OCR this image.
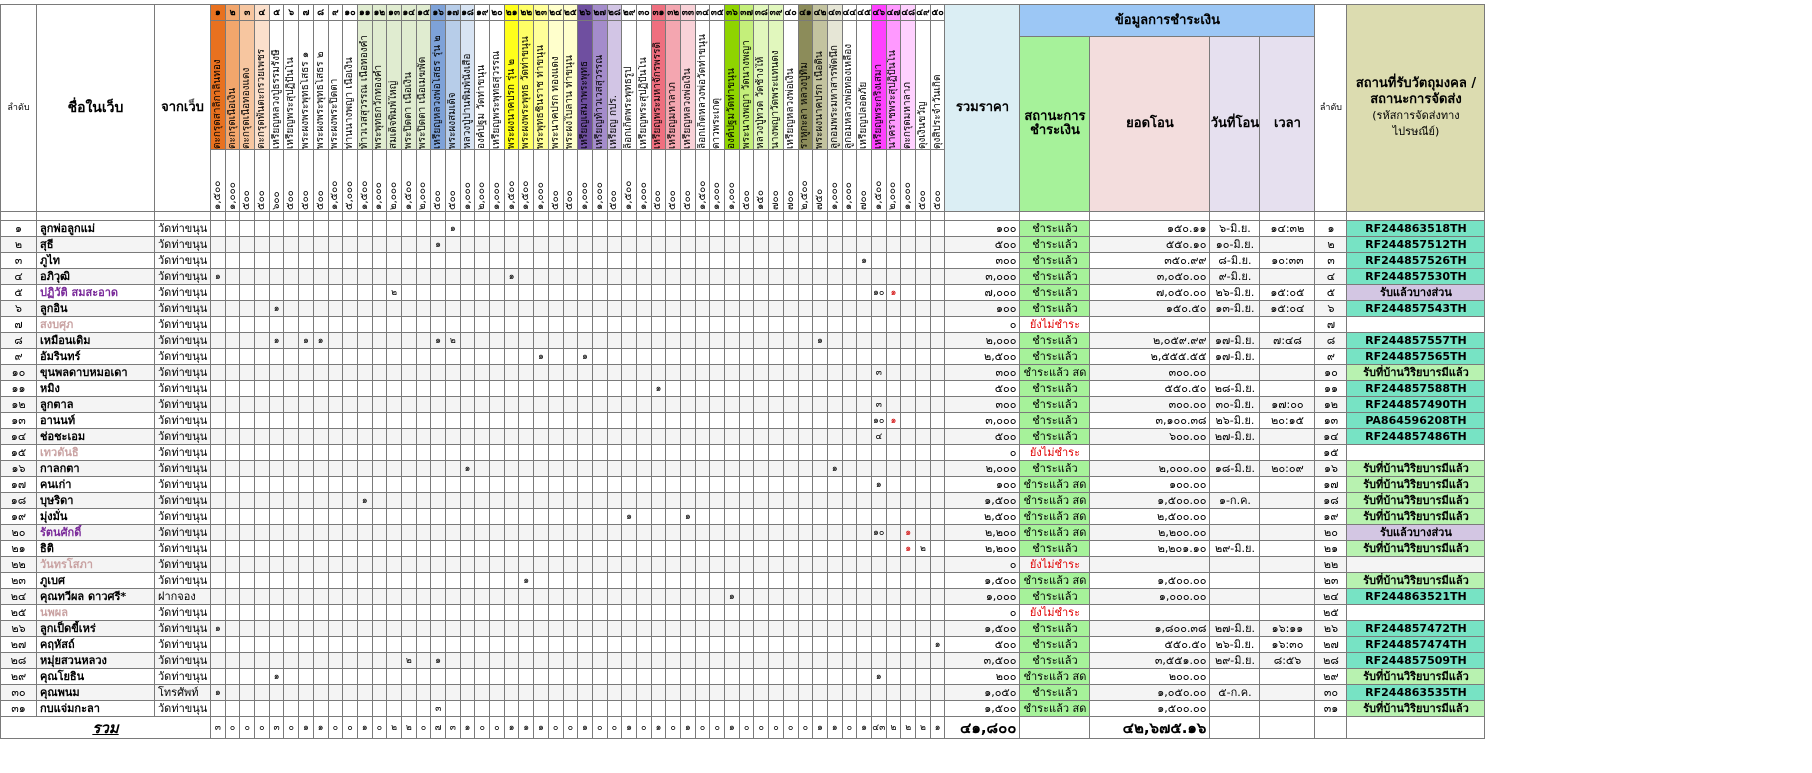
ลำดับ	ชื่อในเว็บ	จากเว็บ	๑	๒	๓	๔	๕	๖	๗	๘	๙	๑๐	๑๑	๑๒	๑๓	๑๔	๑๕	๑๖	๑๗	๑๘	๑๙	๒๐	๒๑	๒๒	๒๓	๒๔	๒๕	๒๖	๒๗	๒๘	๒๙	๓๐	๓๑	๓๒	๓๓	๓๔	๓๕	๓๖	๓๗	๓๘	๓๙	๔๐	๔๑	๔๒	๔๓	๔๔	๔๕	๔๖	๔๗	๔๘	๔๙	๕๐	รวมราคา	ข้อมูลการชำระเงิน				ลำดับ	สถานที่รับวัตถุมงคล / สถานะการจัดส่ง
(รหัสการจัดส่งทาง ไปรษณีย์)

			ตะกรุดสาลิกาลิ้นทอง	ตะกรุดเนื้อเงิน	ตะกรุดเนื้อทองแดง	ตะกรุดพันตะกรวยเพชร	เหรียญหลวงปู่ธรรมรังษี	เหรียญพระสุปฏิปันโน	พระผงพระพุทธโสธร ๑	พระผงพระพุทธโสธร ๒	พระผงพระปิดตา	ท่านนางพญา เนื้อเงิน	ท้าวเวสสุวรรณ เนื้อทองคำ	พระพุทธกวักทองคำ	สมเด็จพิมพ์ใหญ่	พระปิดตา เนื้อเงิน	พระปิดตา เนื้อเมฆพัด	เหรียญหลวงพ่อโสธร รุ่น ๒	พระผงสมเด็จ	หลวงปู่ปานพิมพ์นั่งเสือ	องค์ปฐม วัดท่าขนุน	เหรียญพระพุทธสุวรรณ	พระผงนาคปรก รุ่น ๒	พระผงพระพุทธ วัดท่าขนุน	พระพุทธชินราช ท่าขนุน	พระนาคปรก ทองแดง	พระผงใบลาน ท่าขนุน	เหรียญเสมาพระพุทธ	เหรียญท้าวเวสสุวรรณ	เหรียญ กปร.	ล็อกเก็ตพระพุทธรูป	เหรียญพระสุปฏิปันโน	เหรียญพระมหาจักรพรรดิ	เหรียญมหาลาภ	เหรียญหลวงพ่อเงิน	ล็อกเก็ตหลวงพ่อวัดท่าขนุน	ดาวพระเกตุ	องค์ปฐมวัดท่าขนุน	พระนางพญา วัดนางพญา	หลวงปู่ทวด วัดช้างให้	นางพญาวัดพระแทนดง	เหรียญหลวงพ่อเงิน	ราหูกะลา หลวงปู่ทิม	พระผงนาคปรก เนื้อดิน	ลูกอมพระมหาสารพัดนึก	ลูกอมหลวงพ่อทองเหลือง	เหรียญปลอดภัย	เหรียญพระกริ่งเสมา	นาคราชพระสุปฏิปันโน	ตะกรุดมหาลาภ	ดุงเงินขวัญ	ดุงสิประจำวันเกิด							

																																																						สถานะการชำระเงิน	ยอดโอน	วันที่โอน	เวลา		

			๑,๕๐๐	๑,๐๐๐	๕๐๐	๕๐๐	๖๐๐	๕๐๐	๕๐๐	๕๐๐	๑,๕๐๐	๕,๐๐๐	๑,๕๐๐	๑,๐๐๐	๒,๐๐๐	๑,๕๐๐	๒,๐๐๐	๕๐๐	๕๐๐	๑,๐๐๐	๒,๐๐๐	๑,๐๐๐	๑,๕๐๐	๑,๕๐๐	๑,๐๐๐	๕๐๐	๕๐๐	๑,๐๐๐	๑,๐๐๐	๕๐๐	๑,๕๐๐	๑,๐๐๐	๕๐๐	๕๐๐	๕๐๐	๑,๕๐๐	๑,๐๐๐	๑,๐๐๐	๕๐๐	๑๕๐	๗๐๐	๗๐๐	๒,๕๐๐	๗๕๐	๑,๐๐๐	๑,๐๐๐	๗๐๐	๑,๕๐๐	๒,๐๐๐	๑,๐๐๐	๕๐๐	๕๐๐							

๑	ลูกพ่อลูกแม่	วัดท่าขนุน																	๑																																		๑๐๐	ชำระแล้ว	๑๕๐.๑๑	๖-มิ.ย.	๑๔:๓๒	๑	RF244863518TH
๒	สุธี	วัดท่าขนุน																๑																																			๕๐๐	ชำระแล้ว	๕๕๐.๑๐	๑๐-มิ.ย.		๒	RF244857512TH
๓	ภูไท	วัดท่าขนุน																																													๑						๓๐๐	ชำระแล้ว	๓๕๐.๙๙	๘-มิ.ย.	๑๐:๓๓	๓	RF244857526TH
๔	อภิวุฒิ	วัดท่าขนุน	๑																				๑																														๓,๐๐๐	ชำระแล้ว	๓,๐๕๐.๐๐	๙-มิ.ย.		๔	RF244857530TH
๕	ปฏิวัติ สมสะอาด	วัดท่าขนุน													๒																																	๑๐	๑				๗,๐๐๐	ชำระแล้ว	๗,๐๕๐.๐๐	๒๖-มิ.ย.	๑๕:๐๕	๕	รับแล้วบางส่วน
๖	ลูกอิน	วัดท่าขนุน					๑																																														๑๐๐	ชำระแล้ว	๑๕๐.๕๐	๑๓-มิ.ย.	๑๕:๐๔	๖	RF244857543TH
๗	สงบศุภ	วัดท่าขนุน																																																			๐	ยังไม่ชำระ				๗	
๘	เหมือนเดิม	วัดท่าขนุน					๑		๑	๑								๑	๒																									๑									๒,๐๐๐	ชำระแล้ว	๒,๐๕๙.๙๙	๑๗-มิ.ย.	๗:๔๘	๘	RF244857557TH
๙	อัมรินทร์	วัดท่าขนุน																							๑			๑																									๒,๕๐๐	ชำระแล้ว	๒,๕๕๕.๕๕	๑๗-มิ.ย.		๙	RF244857565TH
๑๐	ขุนพลดาบหมอเดา	วัดท่าขนุน																																														๓					๓๐๐	ชำระแล้ว สด	๓๐๐.๐๐			๑๐	รับที่บ้านวิริยบารมีแล้ว
๑๑	หมิง	วัดท่าขนุน																															๑																				๕๐๐	ชำระแล้ว	๕๕๐.๕๐	๒๘-มิ.ย.		๑๑	RF244857588TH
๑๒	ลูกตาล	วัดท่าขนุน																																														๓					๓๐๐	ชำระแล้ว	๓๐๐.๐๐	๓๐-มิ.ย.	๑๗:๐๐	๑๒	RF244857490TH
๑๓	อานนท์	วัดท่าขนุน																																														๑๐	๑				๓,๐๐๐	ชำระแล้ว	๓,๑๐๐.๓๘	๒๖-มิ.ย.	๒๐:๑๕	๑๓	PA864596208TH
๑๔	ช่อชะเอม	วัดท่าขนุน																																														๔					๕๐๐	ชำระแล้ว	๖๐๐.๐๐	๒๗-มิ.ย.		๑๔	RF244857486TH
๑๕	เทวดันธิ	วัดท่าขนุน																																																			๐	ยังไม่ชำระ				๑๕	
๑๖	กาลกตา	วัดท่าขนุน																		๑																									๑								๒,๐๐๐	ชำระแล้ว	๒,๐๐๐.๐๐	๑๘-มิ.ย.	๒๐:๐๙	๑๖	รับที่บ้านวิริยบารมีแล้ว
๑๗	คนเก่า	วัดท่าขนุน																																														๑					๑๐๐	ชำระแล้ว สด	๑๐๐.๐๐			๑๗	รับที่บ้านวิริยบารมีแล้ว
๑๘	บุษริดา	วัดท่าขนุน											๑																																								๑,๕๐๐	ชำระแล้ว สด	๑,๕๐๐.๐๐	๑-ก.ค.		๑๘	รับที่บ้านวิริยบารมีแล้ว
๑๙	มุ่งมั่น	วัดท่าขนุน																													๑				๑																		๒,๕๐๐	ชำระแล้ว สด	๒,๕๐๐.๐๐			๑๙	รับที่บ้านวิริยบารมีแล้ว
๒๐	รัตนศักดิ์	วัดท่าขนุน																																														๑๐		๑			๒,๒๐๐	ชำระแล้ว สด	๒,๒๐๐.๐๐			๒๐	รับแล้วบางส่วน
๒๑	ธิติ	วัดท่าขนุน																																																๑	๒		๒,๒๐๐	ชำระแล้ว	๒,๒๐๑.๑๐	๒๙-มิ.ย.		๒๑	รับที่บ้านวิริยบารมีแล้ว
๒๒	วันทรโสภา	วัดท่าขนุน																																																			๐	ยังไม่ชำระ				๒๒	
๒๓	ภูเบศ	วัดท่าขนุน																						๑																													๑,๕๐๐	ชำระแล้ว สด	๑,๕๐๐.๐๐			๒๓	รับที่บ้านวิริยบารมีแล้ว
๒๔	คุณทวีผล ดาวศรี*	ฝากจอง																																				๑															๑,๐๐๐	ชำระแล้ว	๑,๐๐๐.๐๐			๒๔	RF244863521TH
๒๕	นพผล	วัดท่าขนุน																																																			๐	ยังไม่ชำระ				๒๕	
๒๖	ลูกเป็ดขี้เหร่	วัดท่าขนุน	๑																																																		๑,๕๐๐	ชำระแล้ว	๑,๘๐๐.๓๘	๒๗-มิ.ย.	๑๖:๑๑	๒๖	RF244857472TH
๒๗	คฤหัสถ์	วัดท่าขนุน																																																		๑	๕๐๐	ชำระแล้ว	๕๕๐.๕๐	๒๖-มิ.ย.	๑๖:๓๐	๒๗	RF244857474TH
๒๘	หมุ่ยสวนหลวง	วัดท่าขนุน														๒		๑																																			๓,๕๐๐	ชำระแล้ว	๓,๕๕๑.๐๐	๒๙-มิ.ย.	๘:๕๖	๒๘	RF244857509TH
๒๙	คุณโยธิน	วัดท่าขนุน					๑																																									๑					๒๐๐	ชำระแล้ว สด	๒๐๐.๐๐			๒๙	รับที่บ้านวิริยบารมีแล้ว
๓๐	คุณพนม	โทรศัพท์	๑																																																		๑,๐๕๐	ชำระแล้ว	๑,๐๕๐.๐๐	๕-ก.ค.		๓๐	RF244863535TH
๓๑	กบแจ่มกะลา	วัดท่าขนุน																๓																																			๑,๕๐๐	ชำระแล้ว สด	๑,๕๐๐.๐๐			๓๑	รับที่บ้านวิริยบารมีแล้ว
รวม			๓	๐	๐	๐	๓	๐	๑	๑	๐	๐	๑	๐	๒	๒	๐	๗	๓	๑	๐	๐	๑	๑	๑	๐	๐	๑	๐	๐	๑	๐	๑	๐	๑	๐	๐	๑	๐	๐	๐	๐	๐	๑	๑	๐	๑	๔๓	๒	๒	๒	๑	๔๑,๘๐๐		๔๒,๖๗๕.๑๖				
